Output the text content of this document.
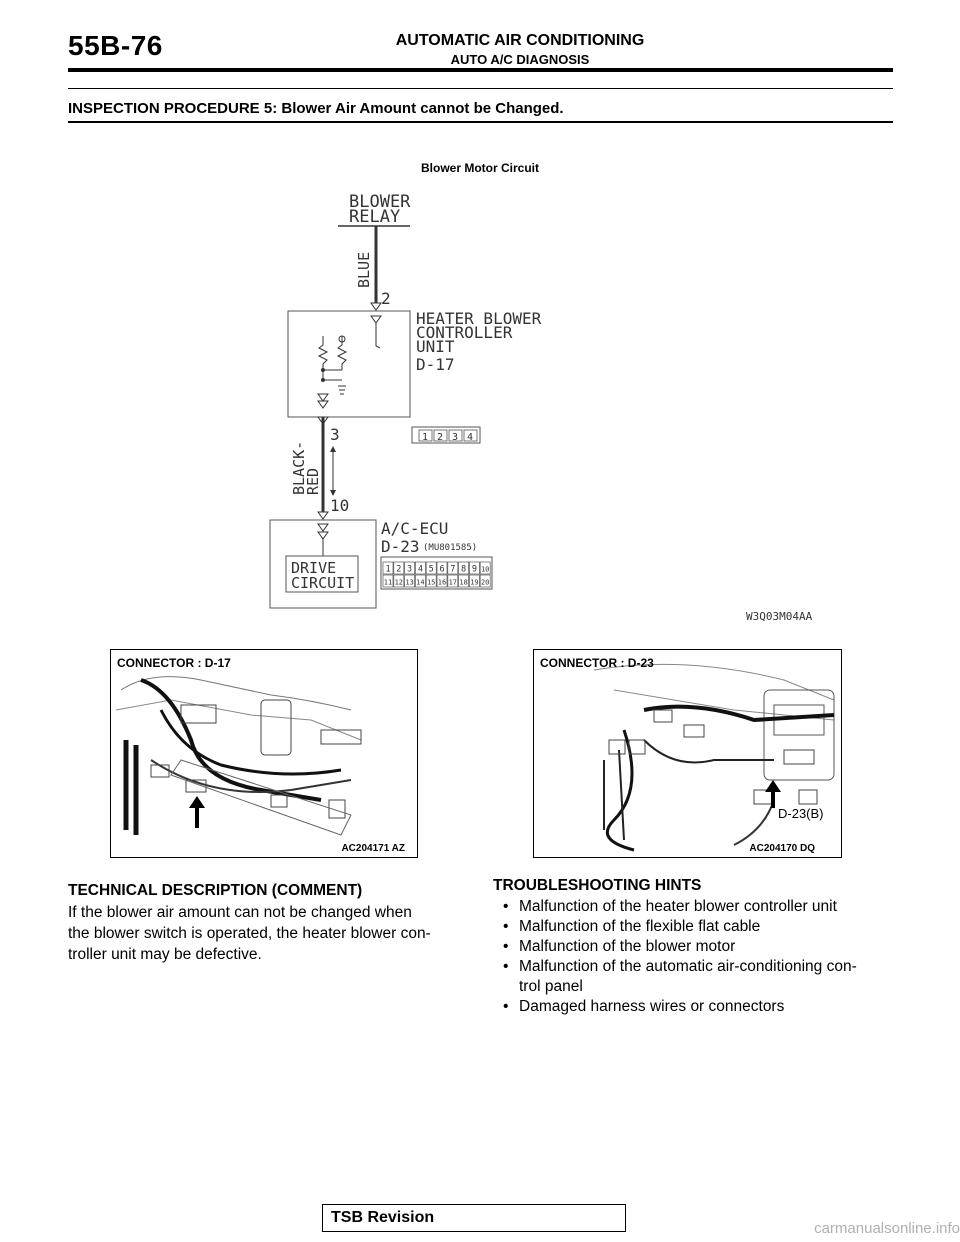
55B-76	AUTOMATIC AIR CONDITIONING
AUTO A/C DIAGNOSIS
INSPECTION PROCEDURE 5: Blower Air Amount cannot be Changed.
Blower Motor Circuit
BLOWER
RELAY
BLUE
2
HEATER BLOWER
CONTROLLER
UNIT
D-17
3
BLACK-
RED
10
1 2 3 4
DRIVE
CIRCUIT
A/C-ECU
D-23 (MU801585)
1 2 3 4 5 6 7 8 9 10
11 12 13 14 15 16 17 18 19 20
W3Q03M04AA
CONNECTOR : D-17
AC204171 AZ
CONNECTOR : D-23
D-23(B)
AC204170 DQ
TECHNICAL DESCRIPTION (COMMENT)
If the blower air amount can not be changed when
the blower switch is operated, the heater blower con-
troller unit may be defective.
TROUBLESHOOTING HINTS
• Malfunction of the heater blower controller unit
• Malfunction of the flexible flat cable
• Malfunction of the blower motor
• Malfunction of the automatic air-conditioning con-
trol panel
• Damaged harness wires or connectors
TSB Revision
carmanualsonline.info
